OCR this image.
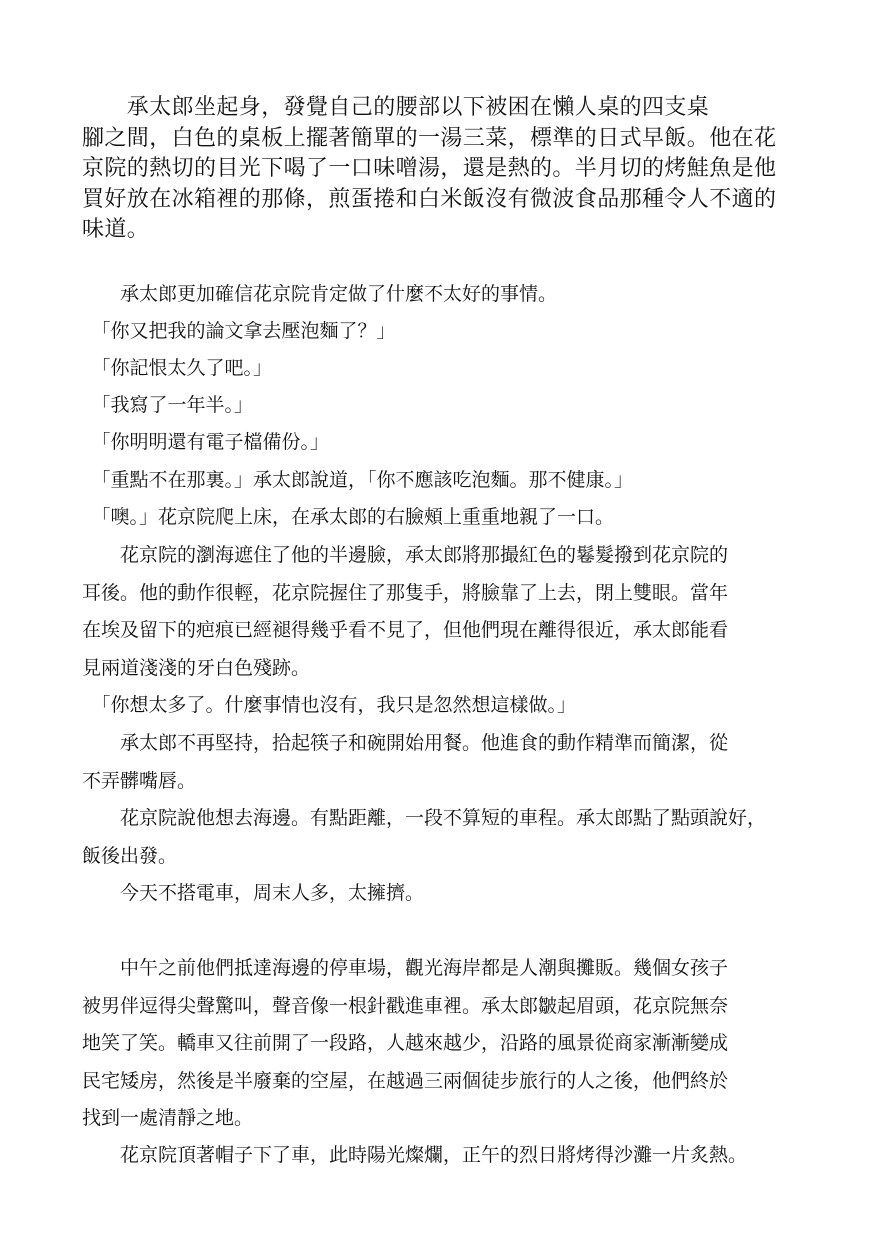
　　承太郎坐起身，發覺自己的腰部以下被困在懶人桌的四支桌
腳之間，白色的桌板上擺著簡單的一湯三菜，標準的日式早飯。他在花
京院的熱切的目光下喝了一口味噌湯，還是熱的。半月切的烤鮭魚是他
買好放在冰箱裡的那條，煎蛋捲和白米飯沒有微波食品那種令人不適的
味道。

　　承太郎更加確信花京院肯定做了什麼不太好的事情。

　「你又把我的論文拿去壓泡麵了？」

　「你記恨太久了吧。」

　「我寫了一年半。」

　「你明明還有電子檔備份。」

　「重點不在那裏。」承太郎說道，「你不應該吃泡麵。那不健康。」

　「噢。」花京院爬上床，在承太郎的右臉頰上重重地親了一口。

　　花京院的瀏海遮住了他的半邊臉，承太郎將那撮紅色的鬈髮撥到花京院的
耳後。他的動作很輕，花京院握住了那隻手，將臉靠了上去，閉上雙眼。當年
在埃及留下的疤痕已經褪得幾乎看不見了，但他們現在離得很近，承太郎能看
見兩道淺淺的牙白色殘跡。

　「你想太多了。什麼事情也沒有，我只是忽然想這樣做。」

　　承太郎不再堅持，拾起筷子和碗開始用餐。他進食的動作精準而簡潔，從
不弄髒嘴唇。

　　花京院說他想去海邊。有點距離，一段不算短的車程。承太郎點了點頭說好，
飯後出發。

　　今天不搭電車，周末人多，太擁擠。

　　中午之前他們抵達海邊的停車場，觀光海岸都是人潮與攤販。幾個女孩子
被男伴逗得尖聲驚叫，聲音像一根針戳進車裡。承太郎皺起眉頭，花京院無奈
地笑了笑。轎車又往前開了一段路，人越來越少，沿路的風景從商家漸漸變成
民宅矮房，然後是半廢棄的空屋，在越過三兩個徒步旅行的人之後，他們終於
找到一處清靜之地。

　　花京院頂著帽子下了車，此時陽光燦爛，正午的烈日將烤得沙灘一片炙熱。
